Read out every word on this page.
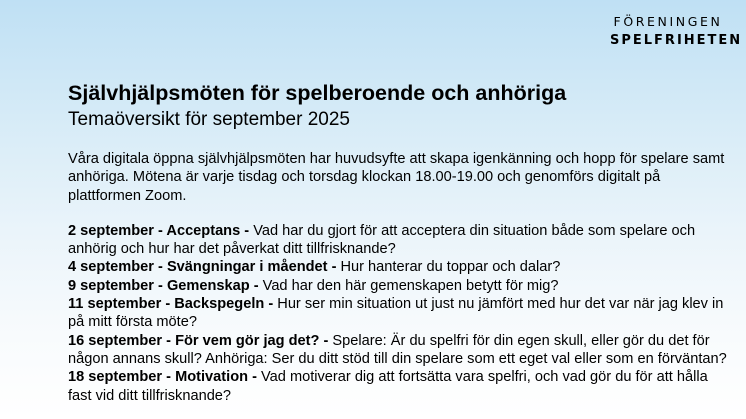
FÖRENINGEN
SPELFRIHETEN
Självhjälpsmöten för spelberoende och anhöriga

Temaöversikt för september 2025

Våra digitala öppna självhjälpsmöten har huvudsyfte att skapa igenkänning och hopp för spelare samt anhöriga. Mötena är varje tisdag och torsdag klockan 18.00-19.00 och genomförs digitalt på plattformen Zoom.

2 september - Acceptans - Vad har du gjort för att acceptera din situation både som spelare och anhörig och hur har det påverkat ditt tillfrisknande?
4 september - Svängningar i måendet - Hur hanterar du toppar och dalar?
9 september - Gemenskap - Vad har den här gemenskapen betytt för mig?
11 september - Backspegeln - Hur ser min situation ut just nu jämfört med hur det var när jag klev in på mitt första möte?
16 september - För vem gör jag det? - Spelare: Är du spelfri för din egen skull, eller gör du det för någon annans skull? Anhöriga: Ser du ditt stöd till din spelare som ett eget val eller som en förväntan?
18 september - Motivation - Vad motiverar dig att fortsätta vara spelfri, och vad gör du för att hålla fast vid ditt tillfrisknande?
